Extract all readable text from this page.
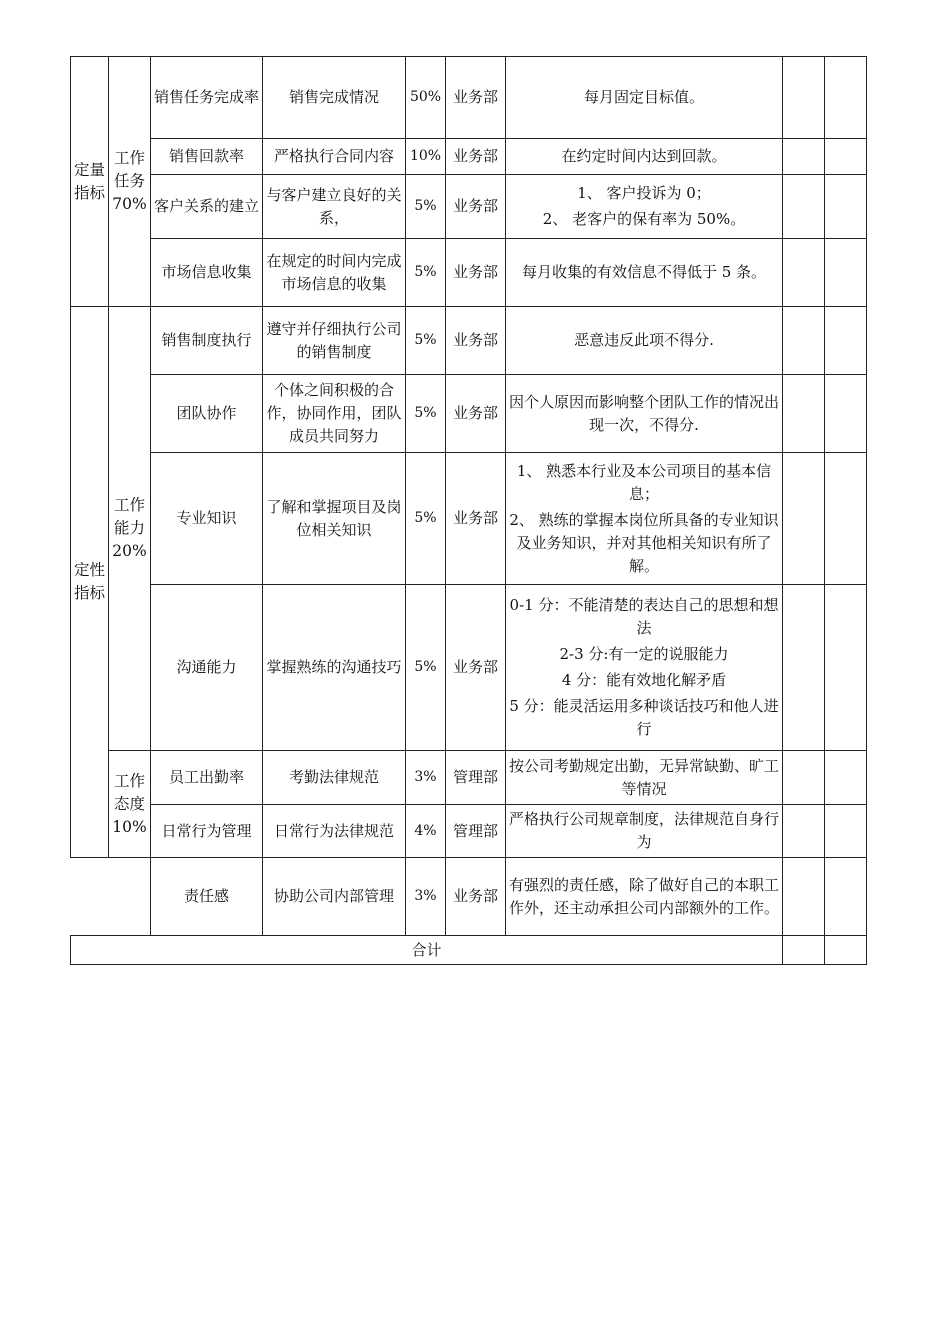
定量指标	工作任务70%	销售任务完成率	销售完成情况	50%	业务部	每月固定目标值。		

		销售回款率	严格执行合同内容	10%	业务部	在约定时间内达到回款。		

		客户关系的建立	与客户建立良好的关系，	5%	业务部	1、 客户投诉为 0；

2、 老客户的保有率为 50%。		

		市场信息收集	在规定的时间内完成市场信息的收集	5%	业务部	每月收集的有效信息不得低于 5 条。		

定性指标	工作能力20%	销售制度执行	遵守并仔细执行公司的销售制度	5%	业务部	恶意违反此项不得分.		

		团队协作	个体之间积极的合作，协同作用，团队成员共同努力	5%	业务部	因个人原因而影响整个团队工作的情况出现一次，不得分.		

		专业知识	了解和掌握项目及岗位相关知识	5%	业务部	1、 熟悉本行业及本公司项目的基本信息；

2、 熟练的掌握本岗位所具备的专业知识及业务知识，并对其他相关知识有所了解。		

		沟通能力	掌握熟练的沟通技巧	5%	业务部	0-1 分：不能清楚的表达自己的思想和想法

2-3 分:有一定的说服能力

4 分：能有效地化解矛盾

5 分：能灵活运用多种谈话技巧和他人进行		

	工作态度10%	员工出勤率	考勤法律规范	3%	管理部	按公司考勤规定出勤，无异常缺勤、旷工等情况		

		日常行为管理	日常行为法律规范	4%	管理部	严格执行公司规章制度，法律规范自身行为		

		责任感	协助公司内部管理	3%	业务部	有强烈的责任感，除了做好自己的本职工作外，还主动承担公司内部额外的工作。		

合计								
